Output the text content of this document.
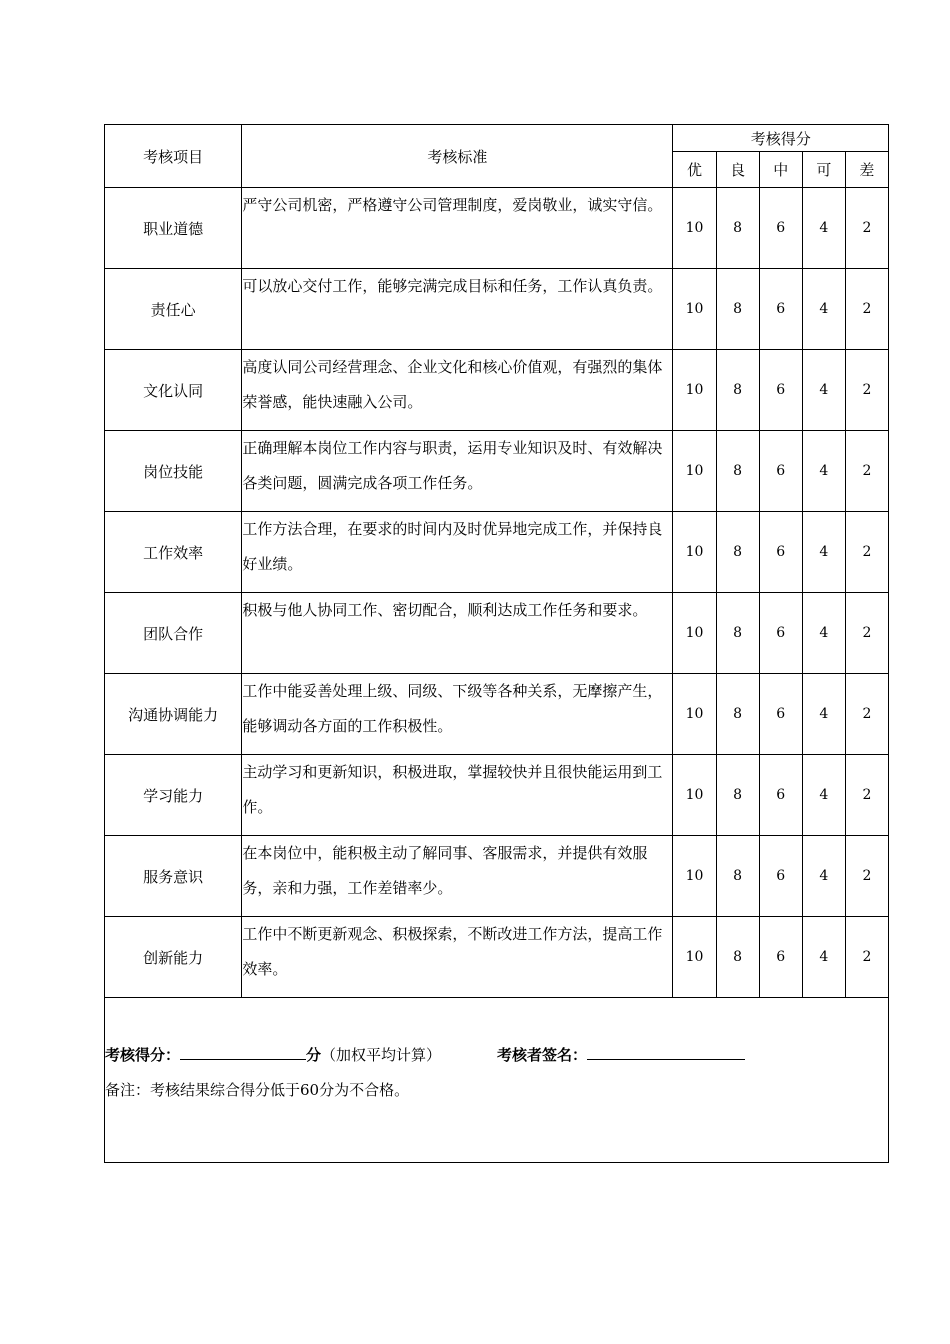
考核项目	考核标准	考核得分				
		优	良	中	可	差
职业道德	严守公司机密，严格遵守公司管理制度，爱岗敬业，诚实守信。	10	8	6	4	2
责任心	可以放心交付工作，能够完满完成目标和任务，工作认真负责。	10	8	6	4	2
文化认同	高度认同公司经营理念、企业文化和核心价值观，有强烈的集体荣誉感，能快速融入公司。	10	8	6	4	2
岗位技能	正确理解本岗位工作内容与职责，运用专业知识及时、有效解决各类问题，圆满完成各项工作任务。	10	8	6	4	2
工作效率	工作方法合理，在要求的时间内及时优异地完成工作，并保持良好业绩。	10	8	6	4	2
团队合作	积极与他人协同工作、密切配合，顺利达成工作任务和要求。	10	8	6	4	2
沟通协调能力	工作中能妥善处理上级、同级、下级等各种关系，无摩擦产生，能够调动各方面的工作积极性。	10	8	6	4	2
学习能力	主动学习和更新知识，积极进取，掌握较快并且很快能运用到工作。	10	8	6	4	2
服务意识	在本岗位中，能积极主动了解同事、客服需求，并提供有效服务，亲和力强，工作差错率少。	10	8	6	4	2
创新能力	工作中不断更新观念、积极探索，不断改进工作方法，提高工作效率。	10	8	6	4	2

考核得分： 分（加权平均计算） 考核者签名：
备注：考核结果综合得分低于60分为不合格。						
